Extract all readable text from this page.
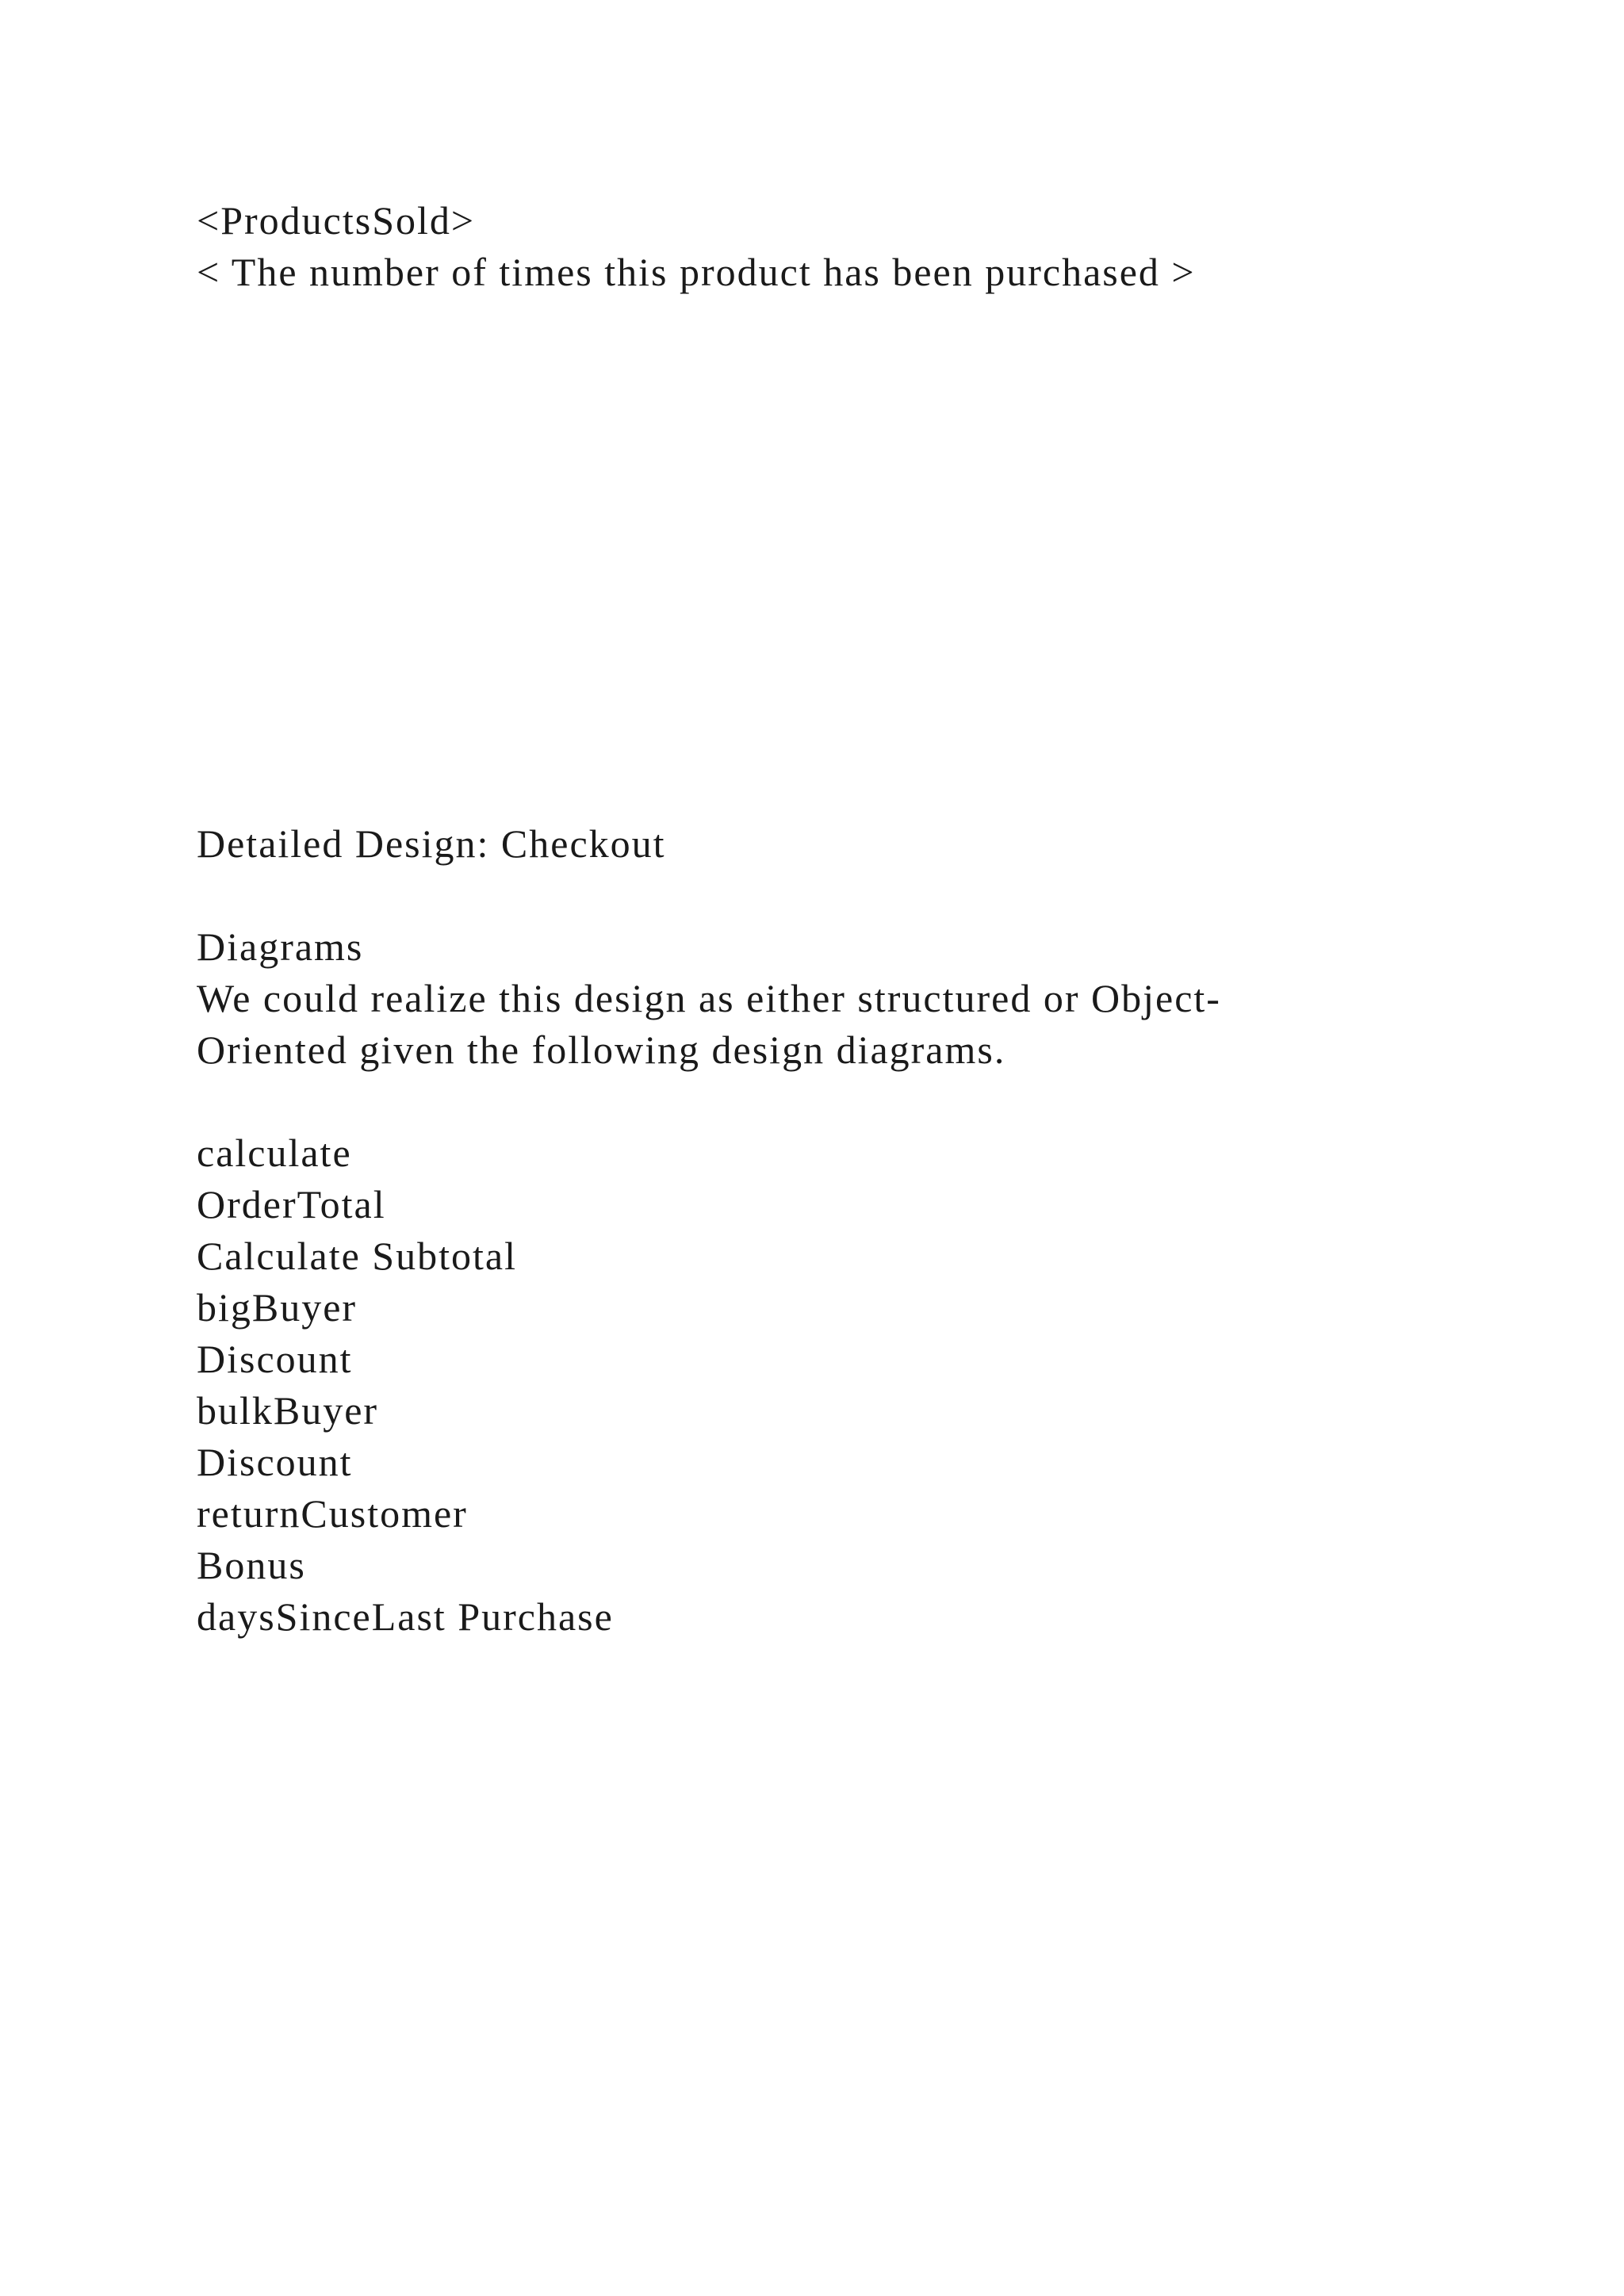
<ProductsSold>

< The number of times this product has been purchased >

Detailed Design: Checkout

Diagrams

We could realize this design as either structured or Object-

Oriented given the following design diagrams.

calculate

OrderTotal

Calculate Subtotal

bigBuyer

Discount

bulkBuyer

Discount

returnCustomer

Bonus

daysSinceLast Purchase
